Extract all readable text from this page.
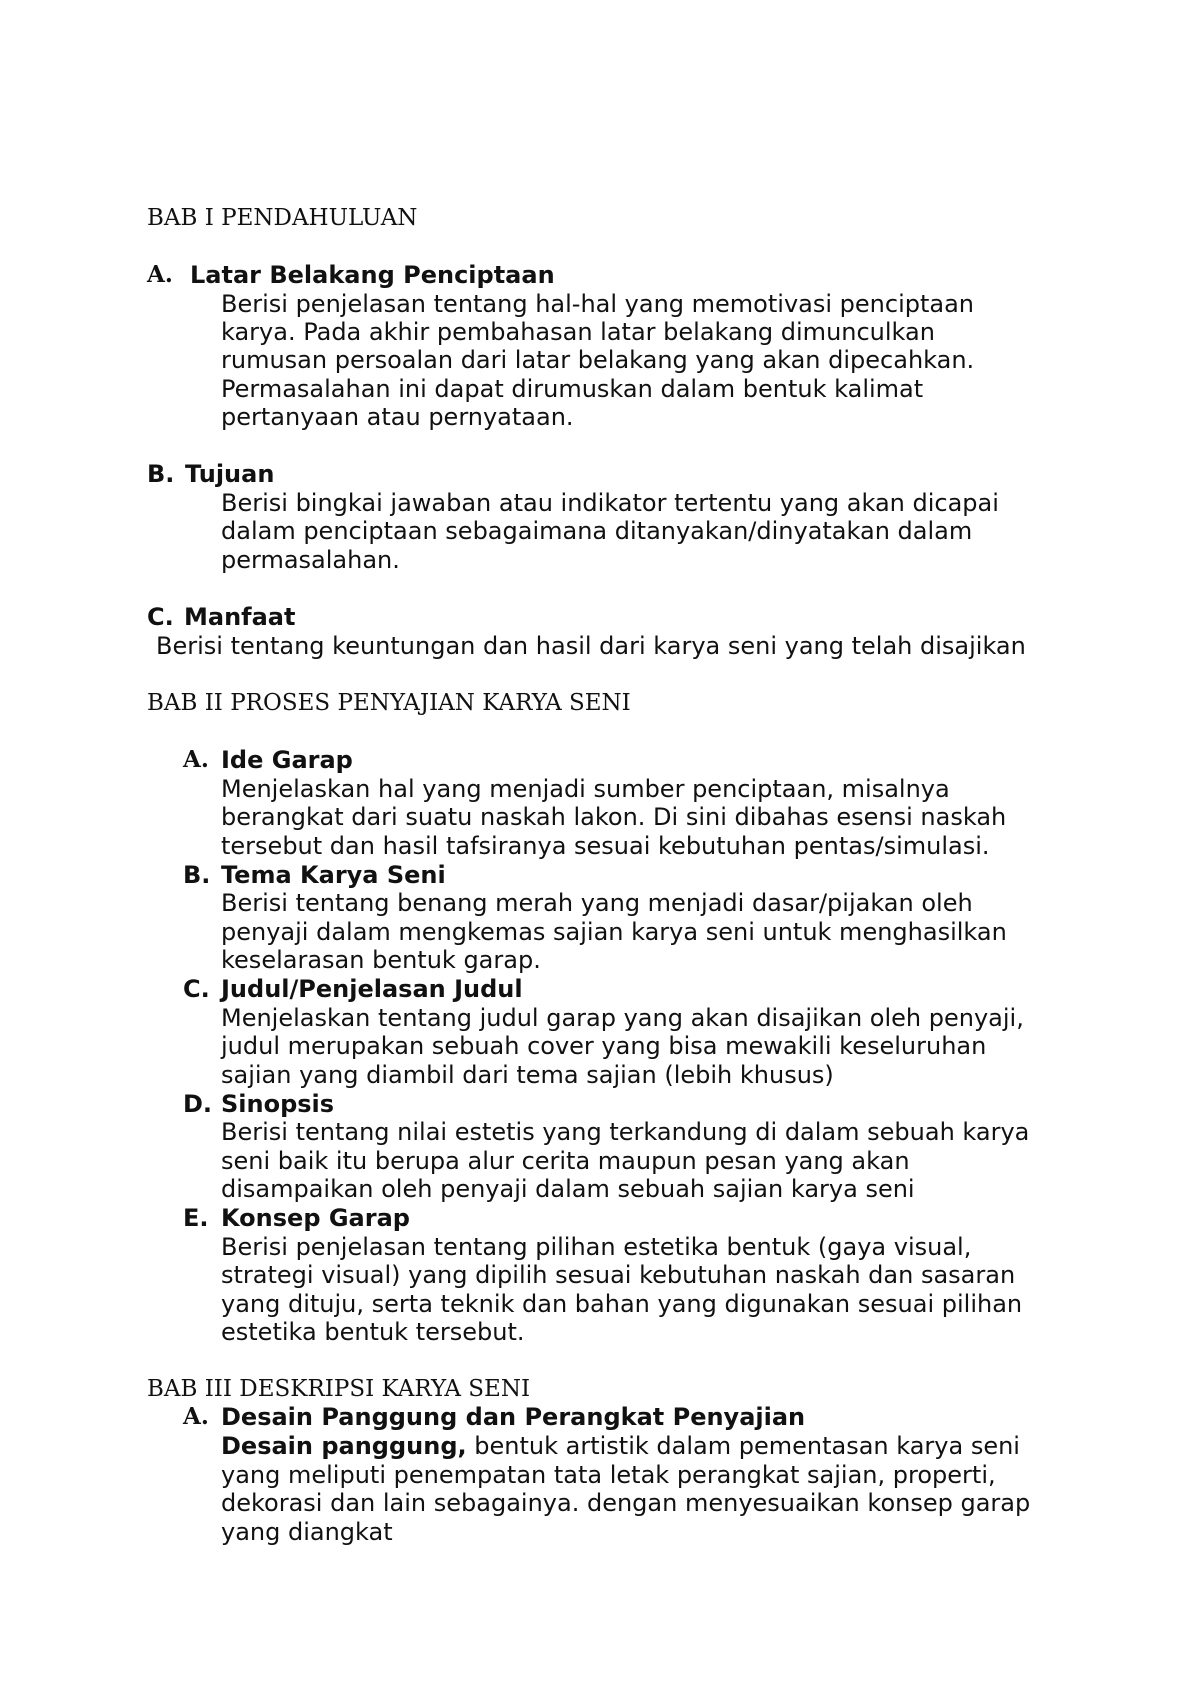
BAB I PENDAHULUAN
A. Latar Belakang Penciptaan
Berisi penjelasan tentang hal-hal yang memotivasi penciptaan
karya. Pada akhir pembahasan latar belakang dimunculkan
rumusan persoalan dari latar belakang yang akan dipecahkan.
Permasalahan ini dapat dirumuskan dalam bentuk kalimat
pertanyaan atau pernyataan.
B. Tujuan
Berisi bingkai jawaban atau indikator tertentu yang akan dicapai
dalam penciptaan sebagaimana ditanyakan/dinyatakan dalam
permasalahan.
C. Manfaat
Berisi tentang keuntungan dan hasil dari karya seni yang telah disajikan
BAB II PROSES PENYAJIAN KARYA SENI
A. Ide Garap
Menjelaskan hal yang menjadi sumber penciptaan, misalnya
berangkat dari suatu naskah lakon. Di sini dibahas esensi naskah
tersebut dan hasil tafsiranya sesuai kebutuhan pentas/simulasi.
B. Tema Karya Seni
Berisi tentang benang merah yang menjadi dasar/pijakan oleh
penyaji dalam mengkemas sajian karya seni untuk menghasilkan
keselarasan bentuk garap.
C. Judul/Penjelasan Judul
Menjelaskan tentang judul garap yang akan disajikan oleh penyaji,
judul merupakan sebuah cover yang bisa mewakili keseluruhan
sajian yang diambil dari tema sajian (lebih khusus)
D. Sinopsis
Berisi tentang nilai estetis yang terkandung di dalam sebuah karya
seni baik itu berupa alur cerita maupun pesan yang akan
disampaikan oleh penyaji dalam sebuah sajian karya seni
E. Konsep Garap
Berisi penjelasan tentang pilihan estetika bentuk (gaya visual,
strategi visual) yang dipilih sesuai kebutuhan naskah dan sasaran
yang dituju, serta teknik dan bahan yang digunakan sesuai pilihan
estetika bentuk tersebut.
BAB III DESKRIPSI KARYA SENI
A. Desain Panggung dan Perangkat Penyajian
Desain panggung, bentuk artistik dalam pementasan karya seni
yang meliputi penempatan tata letak perangkat sajian, properti,
dekorasi dan lain sebagainya. dengan menyesuaikan konsep garap
yang diangkat
